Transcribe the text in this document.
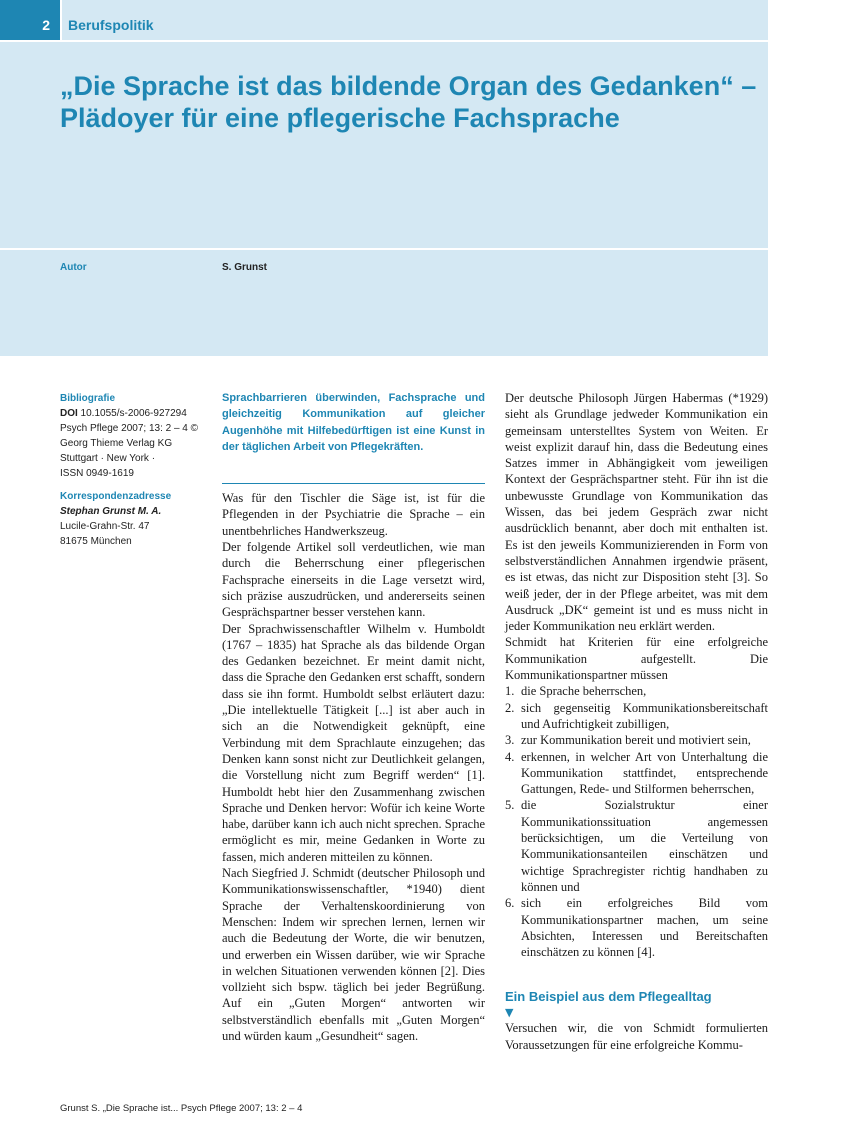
2	Berufspolitik
„Die Sprache ist das bildende Organ des Gedanken“ –
Plädoyer für eine pflegerische Fachsprache
Autor	S. Grunst
Bibliografie
DOI 10.1055/s-2006-927294
Psych Pflege 2007; 13: 2 – 4 ©
Georg Thieme Verlag KG
Stuttgart · New York ·
ISSN 0949-1619
Korrespondenzadresse
Stephan Grunst M. A.
Lucile-Grahn-Str. 47
81675 München

Sprachbarrieren überwinden, Fachsprache und gleichzeitig Kommunikation auf gleicher Augenhöhe mit Hilfebedürftigen ist eine Kunst in der täglichen Arbeit von Pflegekräften.

Was für den Tischler die Säge ist, ist für die Pflegenden in der Psychiatrie die Sprache – ein unentbehrliches Handwerkszeug.

Der folgende Artikel soll verdeutlichen, wie man durch die Beherrschung einer pflegerischen Fachsprache einerseits in die Lage versetzt wird, sich präzise auszudrücken, und andererseits seinen Gesprächspartner besser verstehen kann.

Der Sprachwissenschaftler Wilhelm v. Humboldt (1767 – 1835) hat Sprache als das bildende Organ des Gedanken bezeichnet. Er meint damit nicht, dass die Sprache den Gedanken erst schafft, sondern dass sie ihn formt. Humboldt selbst erläutert dazu: „Die intellektuelle Tätigkeit [...] ist aber auch in sich an die Notwendigkeit geknüpft, eine Verbindung mit dem Sprachlaute einzugehen; das Denken kann sonst nicht zur Deutlichkeit gelangen, die Vorstellung nicht zum Begriff werden“ [1]. Humboldt hebt hier den Zusammenhang zwischen Sprache und Denken hervor: Wofür ich keine Worte habe, darüber kann ich auch nicht sprechen. Sprache ermöglicht es mir, meine Gedanken in Worte zu fassen, mich anderen mitteilen zu können.

Nach Siegfried J. Schmidt (deutscher Philosoph und Kommunikationswissenschaftler, *1940) dient Sprache der Verhaltenskoordinierung von Menschen: Indem wir sprechen lernen, lernen wir auch die Bedeutung der Worte, die wir benutzen, und erwerben ein Wissen darüber, wie wir Sprache in welchen Situationen verwenden können [2]. Dies vollzieht sich bspw. täglich bei jeder Begrüßung. Auf ein „Guten Morgen“ antworten wir selbstverständlich ebenfalls mit „Guten Morgen“ und würden kaum „Gesundheit“ sagen.

Der deutsche Philosoph Jürgen Habermas (*1929) sieht als Grundlage jedweder Kommunikation ein gemeinsam unterstelltes System von Weiten. Er weist explizit darauf hin, dass die Bedeutung eines Satzes immer in Abhängigkeit vom jeweiligen Kontext der Gesprächspartner steht. Für ihn ist die unbewusste Grundlage von Kommunikation das Wissen, das bei jedem Gespräch zwar nicht ausdrücklich benannt, aber doch mit enthalten ist. Es ist den jeweils Kommunizierenden in Form von selbstverständlichen Annahmen irgendwie präsent, es ist etwas, das nicht zur Disposition steht [3]. So weiß jeder, der in der Pflege arbeitet, was mit dem Ausdruck „DK“ gemeint ist und es muss nicht in jeder Kommunikation neu erklärt werden.

Schmidt hat Kriterien für eine erfolgreiche Kommunikation aufgestellt. Die Kommunikationspartner müssen

1. die Sprache beherrschen,
2. sich gegenseitig Kommunikationsbereitschaft und Aufrichtigkeit zubilligen,
3. zur Kommunikation bereit und motiviert sein,
4. erkennen, in welcher Art von Unterhaltung die Kommunikation stattfindet, entsprechende Gattungen, Rede- und Stilformen beherrschen,
5. die Sozialstruktur einer Kommunikationssituation angemessen berücksichtigen, um die Verteilung von Kommunikationsanteilen einschätzen und wichtige Sprachregister richtig handhaben zu können und
6. sich ein erfolgreiches Bild vom Kommunikationspartner machen, um seine Absichten, Interessen und Bereitschaften einschätzen zu können [4].
Ein Beispiel aus dem Pflegealltag
▼

Versuchen wir, die von Schmidt formulierten Voraussetzungen für eine erfolgreiche Kommu-

Grunst S. „Die Sprache ist... Psych Pflege 2007; 13: 2 – 4
